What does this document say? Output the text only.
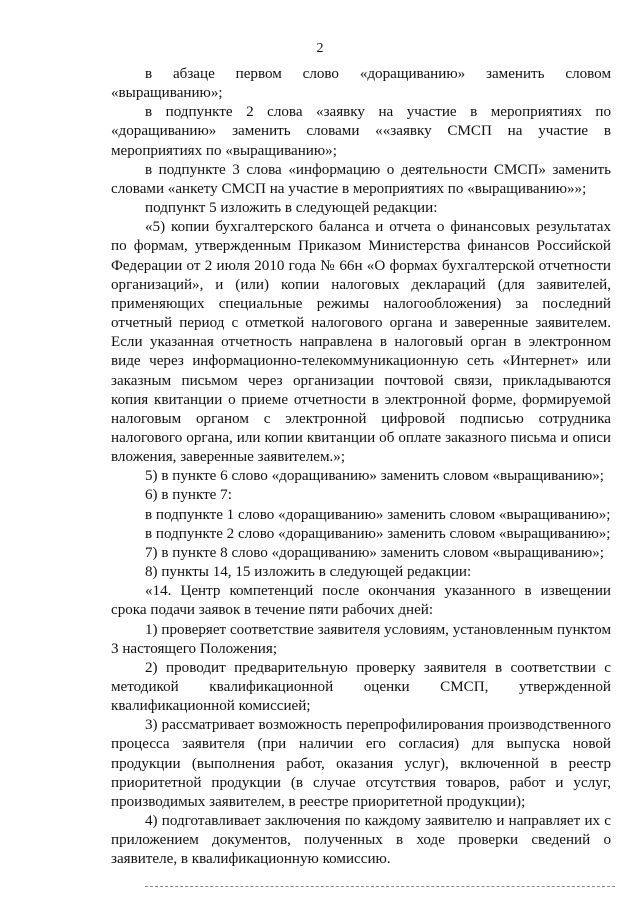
2

в абзаце первом слово «доращиванию» заменить словом «выращиванию»;

в подпункте 2 слова «заявку на участие в мероприятиях по «доращиванию» заменить словами ««заявку СМСП на участие в мероприятиях по «выращиванию»;

в подпункте 3 слова «информацию о деятельности СМСП» заменить словами «анкету СМСП на участие в мероприятиях по «выращиванию»»;

подпункт 5 изложить в следующей редакции:

«5) копии бухгалтерского баланса и отчета о финансовых результатах по формам, утвержденным Приказом Министерства финансов Российской Федерации от 2 июля 2010 года № 66н «О формах бухгалтерской отчетности организаций», и (или) копии налоговых деклараций (для заявителей, применяющих специальные режимы налогообложения) за последний отчетный период с отметкой налогового органа и заверенные заявителем. Если указанная отчетность направлена в налоговый орган в электронном виде через информационно-телекоммуникационную сеть «Интернет» или заказным письмом через организации почтовой связи, прикладываются копия квитанции о приеме отчетности в электронной форме, формируемой налоговым органом с электронной цифровой подписью сотрудника налогового органа, или копии квитанции об оплате заказного письма и описи вложения, заверенные заявителем.»;

5) в пункте 6 слово «доращиванию» заменить словом «выращиванию»;

6) в пункте 7:

в подпункте 1 слово «доращиванию» заменить словом «выращиванию»;

в подпункте 2 слово «доращиванию» заменить словом «выращиванию»;

7) в пункте 8 слово «доращиванию» заменить словом «выращиванию»;

8) пункты 14, 15 изложить в следующей редакции:

«14. Центр компетенций после окончания указанного в извещении срока подачи заявок в течение пяти рабочих дней:

1) проверяет соответствие заявителя условиям, установленным пунктом 3 настоящего Положения;

2) проводит предварительную проверку заявителя в соответствии с методикой квалификационной оценки СМСП, утвержденной квалификационной комиссией;

3) рассматривает возможность перепрофилирования производственного процесса заявителя (при наличии его согласия) для выпуска новой продукции (выполнения работ, оказания услуг), включенной в реестр приоритетной продукции (в случае отсутствия товаров, работ и услуг, производимых заявителем, в реестре приоритетной продукции);

4) подготавливает заключения по каждому заявителю и направляет их с приложением документов, полученных в ходе проверки сведений о заявителе, в квалификационную комиссию.
